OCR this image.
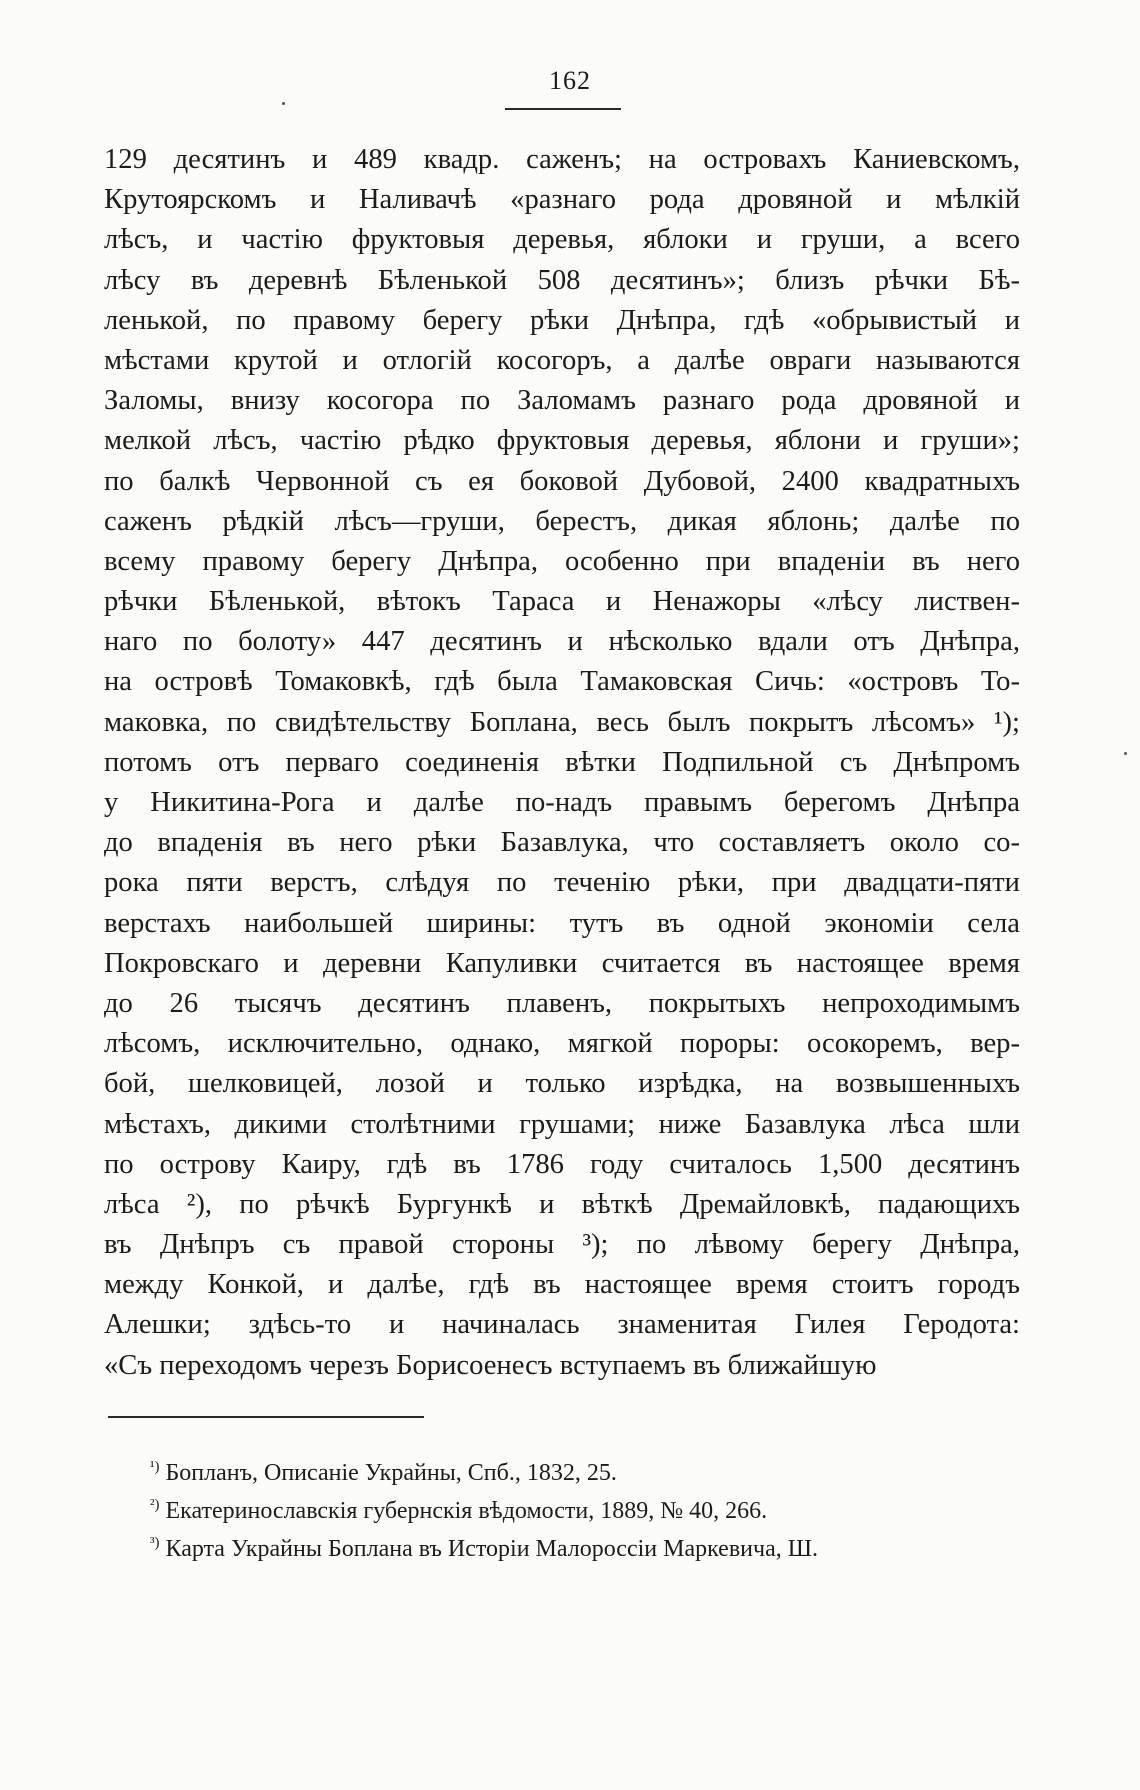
162
129 десятинъ и 489 квадр. саженъ; на островахъ Каниевскомъ,
Крутоярскомъ и Наливачѣ «разнаго рода дровяной и мѣлкій
лѣсъ, и частію фруктовыя деревья, яблоки и груши, а всего
лѣсу въ деревнѣ Бѣленькой 508 десятинъ»; близъ рѣчки Бѣ-
ленькой, по правому берегу рѣки Днѣпра, гдѣ «обрывистый и
мѣстами крутой и отлогій косогоръ, а далѣе овраги называются
Заломы, внизу косогора по Заломамъ разнаго рода дровяной и
мелкой лѣсъ, частію рѣдко фруктовыя деревья, яблони и груши»;
по балкѣ Червонной съ ея боковой Дубовой, 2400 квадратныхъ
саженъ рѣдкій лѣсъ—груши, берестъ, дикая яблонь; далѣе по
всему правому берегу Днѣпра, особенно при впаденіи въ него
рѣчки Бѣленькой, вѣтокъ Тараса и Ненажоры «лѣсу листвен-
наго по болоту» 447 десятинъ и нѣсколько вдали отъ Днѣпра,
на островѣ Томаковкѣ, гдѣ была Тамаковская Сичь: «островъ То-
маковка, по свидѣтельству Боплана, весь былъ покрытъ лѣсомъ» ¹);
потомъ отъ перваго соединенія вѣтки Подпильной съ Днѣпромъ
у Никитина-Рога и далѣе по-надъ правымъ берегомъ Днѣпра
до впаденія въ него рѣки Базавлука, что составляетъ около со-
рока пяти верстъ, слѣдуя по теченію рѣки, при двадцати-пяти
верстахъ наибольшей ширины: тутъ въ одной экономіи села
Покровскаго и деревни Капуливки считается въ настоящее время
до 26 тысячъ десятинъ плавенъ, покрытыхъ непроходимымъ
лѣсомъ, исключительно, однако, мягкой пороры: осокоремъ, вер-
бой, шелковицей, лозой и только изрѣдка, на возвышенныхъ
мѣстахъ, дикими столѣтними грушами; ниже Базавлука лѣса шли
по острову Каиру, гдѣ въ 1786 году считалось 1,500 десятинъ
лѣса ²), по рѣчкѣ Бургункѣ и вѣткѣ Дремайловкѣ, падающихъ
въ Днѣпръ съ правой стороны ³); по лѣвому берегу Днѣпра,
между Конкой, и далѣе, гдѣ въ настоящее время стоитъ городъ
Алешки; здѣсь-то и начиналась знаменитая Гилея Геродота:
«Съ переходомъ черезъ Борисоенесъ вступаемъ въ ближайшую
$^{^1)}$ Бопланъ, Описаніе Украйны, Спб., 1832, 25.
$^{^2)}$ Екатеринославскія губернскія вѣдомости, 1889, № 40, 266.
$^{^3)}$ Карта Украйны Боплана въ Исторіи Малороссіи Маркевича, Ш.
